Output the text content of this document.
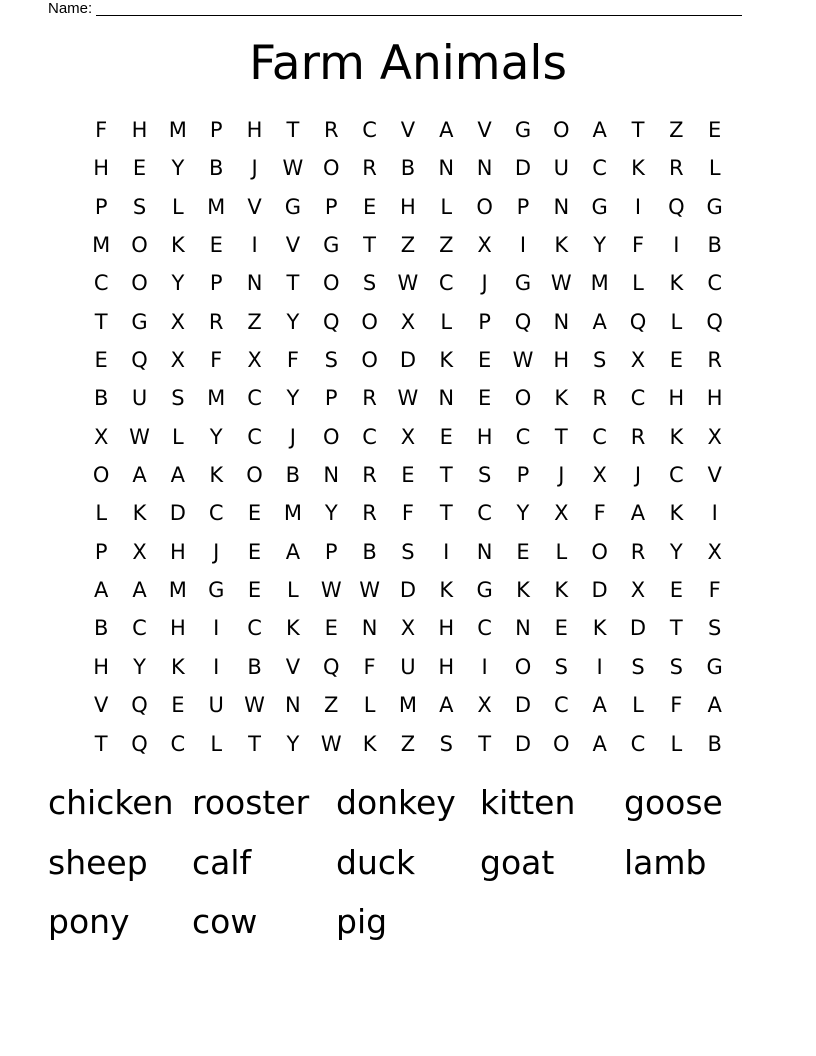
Name:
Farm Animals
F	H	M	P	H	T	R	C	V	A	V	G	O	A	T	Z	E
H	E	Y	B	J	W O	R	B	N	N	D	U	C	K	R	L
P	S	L	M	V	G	P	E	H	L	O	P	N	G	I	Q	G
M	O	K	E	I	V	G	T	Z	Z	X	I	K	Y	F	I	B
C	O	Y	P	N	T	O	S	W C	J	G W M	L	K	C
T	G	X	R	Z	Y	Q	O	X	L	P	Q	N	A	Q	L	Q
E	Q	X	F	X	F	S	O	D	K	E	W H	S	X	E	R
B	U	S	M	C	Y	P	R W N	E	O	K	R	C	H	H
X W	L	Y	C	J	O	C	X	E	H	C	T	C	R	K	X
O	A	A	K	O	B	N	R	E	T	S	P	J	X	J	C	V
L	K	D	C	E	M	Y	R	F	T	C	Y	X	F	A	K	I
P	X	H	J	E	A	P	B	S	I	N	E	L	O	R	Y	X
A	A	M	G	E	L	W W D	K	G	K	K	D	X	E	F
B	C	H	I	C	K	E	N	X	H	C	N	E	K	D	T	S
H	Y	K	I	B	V	Q	F	U	H	I	O	S	I	S	S	G
V	Q	E	U W N	Z	L	M	A	X	D	C	A	L	F	A
T	Q	C	L	T	Y	W	K	Z	S	T	D	O	A	C	L	B
chicken rooster donkey kitten	goose
sheep	calf	duck	goat	lamb
pony	cow	pig
